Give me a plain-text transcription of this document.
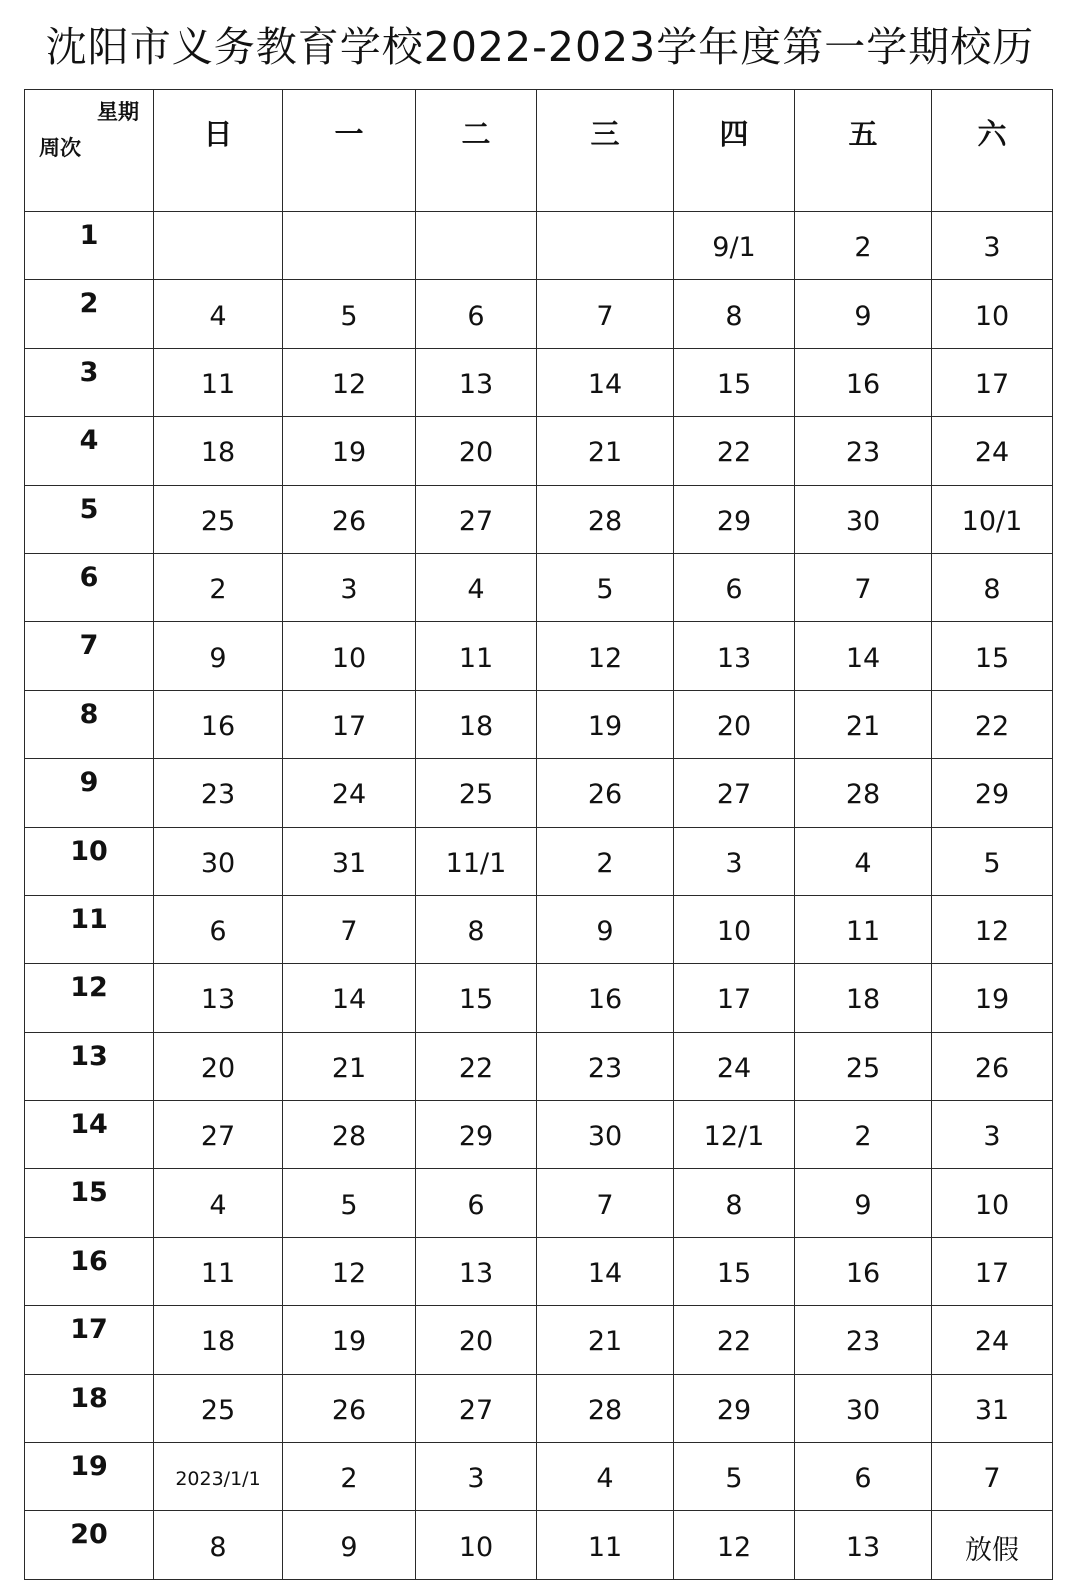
沈阳市义务教育学校2022-2023学年度第一学期校历
星期
周次	日	一	二	三	四	五	六
1					9/1	2	3
2	4	5	6	7	8	9	10
3	11	12	13	14	15	16	17
4	18	19	20	21	22	23	24
5	25	26	27	28	29	30	10/1
6	2	3	4	5	6	7	8
7	9	10	11	12	13	14	15
8	16	17	18	19	20	21	22
9	23	24	25	26	27	28	29
10	30	31	11/1	2	3	4	5
11	6	7	8	9	10	11	12
12	13	14	15	16	17	18	19
13	20	21	22	23	24	25	26
14	27	28	29	30	12/1	2	3
15	4	5	6	7	8	9	10
16	11	12	13	14	15	16	17
17	18	19	20	21	22	23	24
18	25	26	27	28	29	30	31
19	2023/1/1	2	3	4	5	6	7
20	8	9	10	11	12	13	放假
